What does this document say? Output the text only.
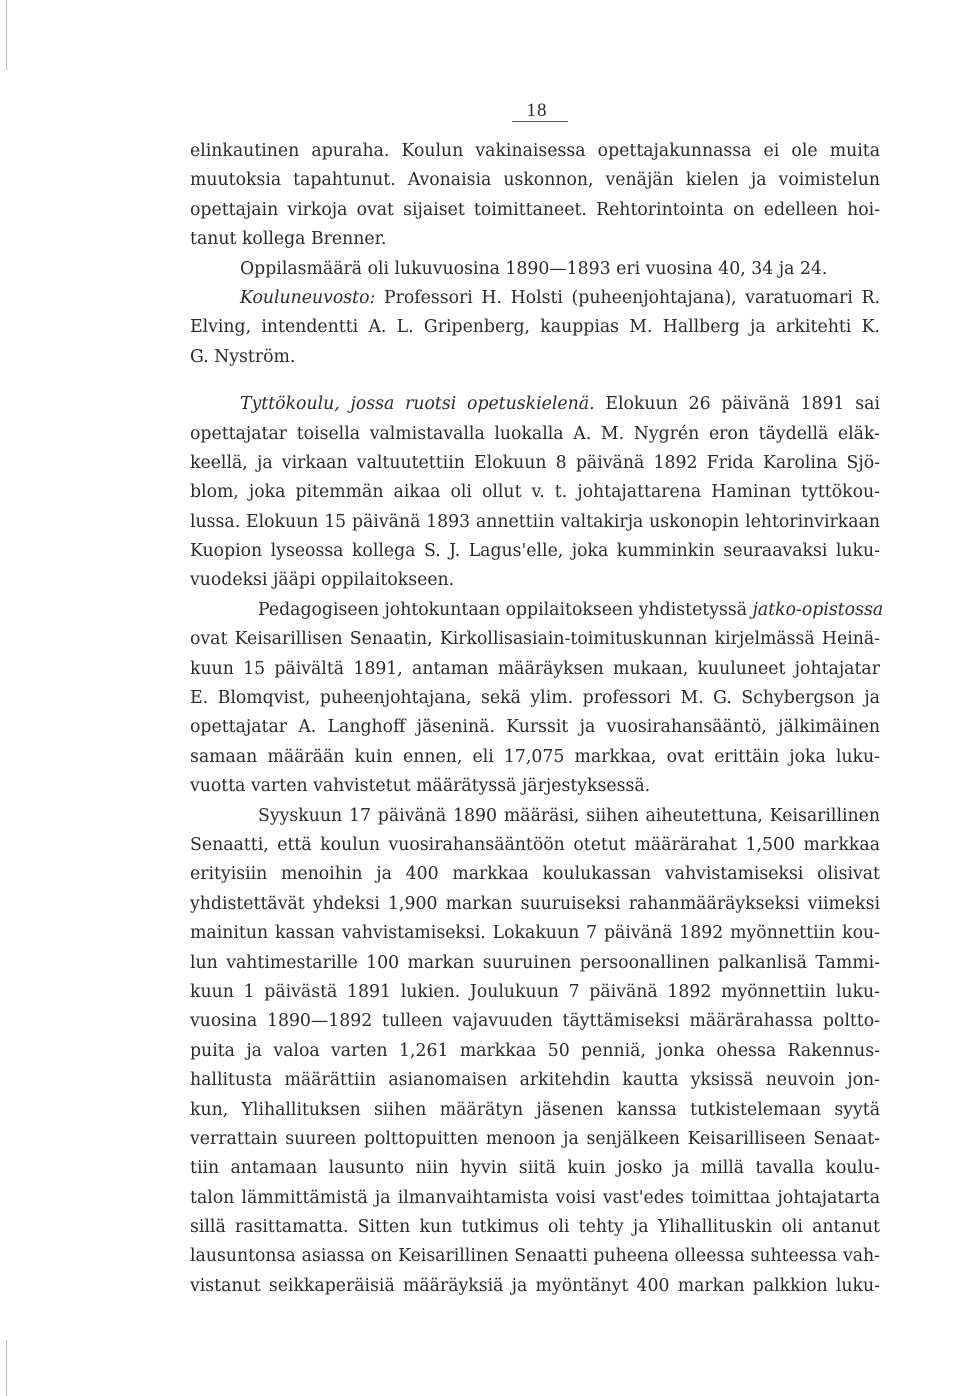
18
elinkautinen apuraha. Koulun vakinaisessa opettajakunnassa ei ole muita
muutoksia tapahtunut. Avonaisia uskonnon, venäjän kielen ja voimistelun
opettajain virkoja ovat sijaiset toimittaneet. Rehtorintointa on edelleen hoi-
tanut kollega Brenner.
Oppilasmäärä oli lukuvuosina 1890—1893 eri vuosina 40, 34 ja 24.
Kouluneuvosto: Professori H. Holsti (puheenjohtajana), varatuomari R.
Elving, intendentti A. L. Gripenberg, kauppias M. Hallberg ja arkitehti K.
G. Nyström.
Tyttökoulu, jossa ruotsi opetuskielenä. Elokuun 26 päivänä 1891 sai
opettajatar toisella valmistavalla luokalla A. M. Nygrén eron täydellä eläk-
keellä, ja virkaan valtuutettiin Elokuun 8 päivänä 1892 Frida Karolina Sjö-
blom, joka pitemmän aikaa oli ollut v. t. johtajattarena Haminan tyttökou-
lussa. Elokuun 15 päivänä 1893 annettiin valtakirja uskonopin lehtorinvirkaan
Kuopion lyseossa kollega S. J. Lagus'elle, joka kumminkin seuraavaksi luku-
vuodeksi jääpi oppilaitokseen.
Pedagogiseen johtokuntaan oppilaitokseen yhdistetyssä jatko-opistossa
ovat Keisarillisen Senaatin, Kirkollisasiain-toimituskunnan kirjelmässä Heinä-
kuun 15 päivältä 1891, antaman määräyksen mukaan, kuuluneet johtajatar
E. Blomqvist, puheenjohtajana, sekä ylim. professori M. G. Schybergson ja
opettajatar A. Langhoff jäseninä. Kurssit ja vuosirahansääntö, jälkimäinen
samaan määrään kuin ennen, eli 17,075 markkaa, ovat erittäin joka luku-
vuotta varten vahvistetut määrätyssä järjestyksessä.
Syyskuun 17 päivänä 1890 määräsi, siihen aiheutettuna, Keisarillinen
Senaatti, että koulun vuosirahansääntöön otetut määrärahat 1,500 markkaa
erityisiin menoihin ja 400 markkaa koulukassan vahvistamiseksi olisivat
yhdistettävät yhdeksi 1,900 markan suuruiseksi rahanmääräykseksi viimeksi
mainitun kassan vahvistamiseksi. Lokakuun 7 päivänä 1892 myönnettiin kou-
lun vahtimestarille 100 markan suuruinen persoonallinen palkanlisä Tammi-
kuun 1 päivästä 1891 lukien. Joulukuun 7 päivänä 1892 myönnettiin luku-
vuosina 1890—1892 tulleen vajavuuden täyttämiseksi määrärahassa poltto-
puita ja valoa varten 1,261 markkaa 50 penniä, jonka ohessa Rakennus-
hallitusta määrättiin asianomaisen arkitehdin kautta yksissä neuvoin jon-
kun, Ylihallituksen siihen määrätyn jäsenen kanssa tutkistelemaan syytä
verrattain suureen polttopuitten menoon ja senjälkeen Keisarilliseen Senaat-
tiin antamaan lausunto niin hyvin siitä kuin josko ja millä tavalla koulu-
talon lämmittämistä ja ilmanvaihtamista voisi vast'edes toimittaa johtajatarta
sillä rasittamatta. Sitten kun tutkimus oli tehty ja Ylihallituskin oli antanut
lausuntonsa asiassa on Keisarillinen Senaatti puheena olleessa suhteessa vah-
vistanut seikkaperäisiä määräyksiä ja myöntänyt 400 markan palkkion luku-
